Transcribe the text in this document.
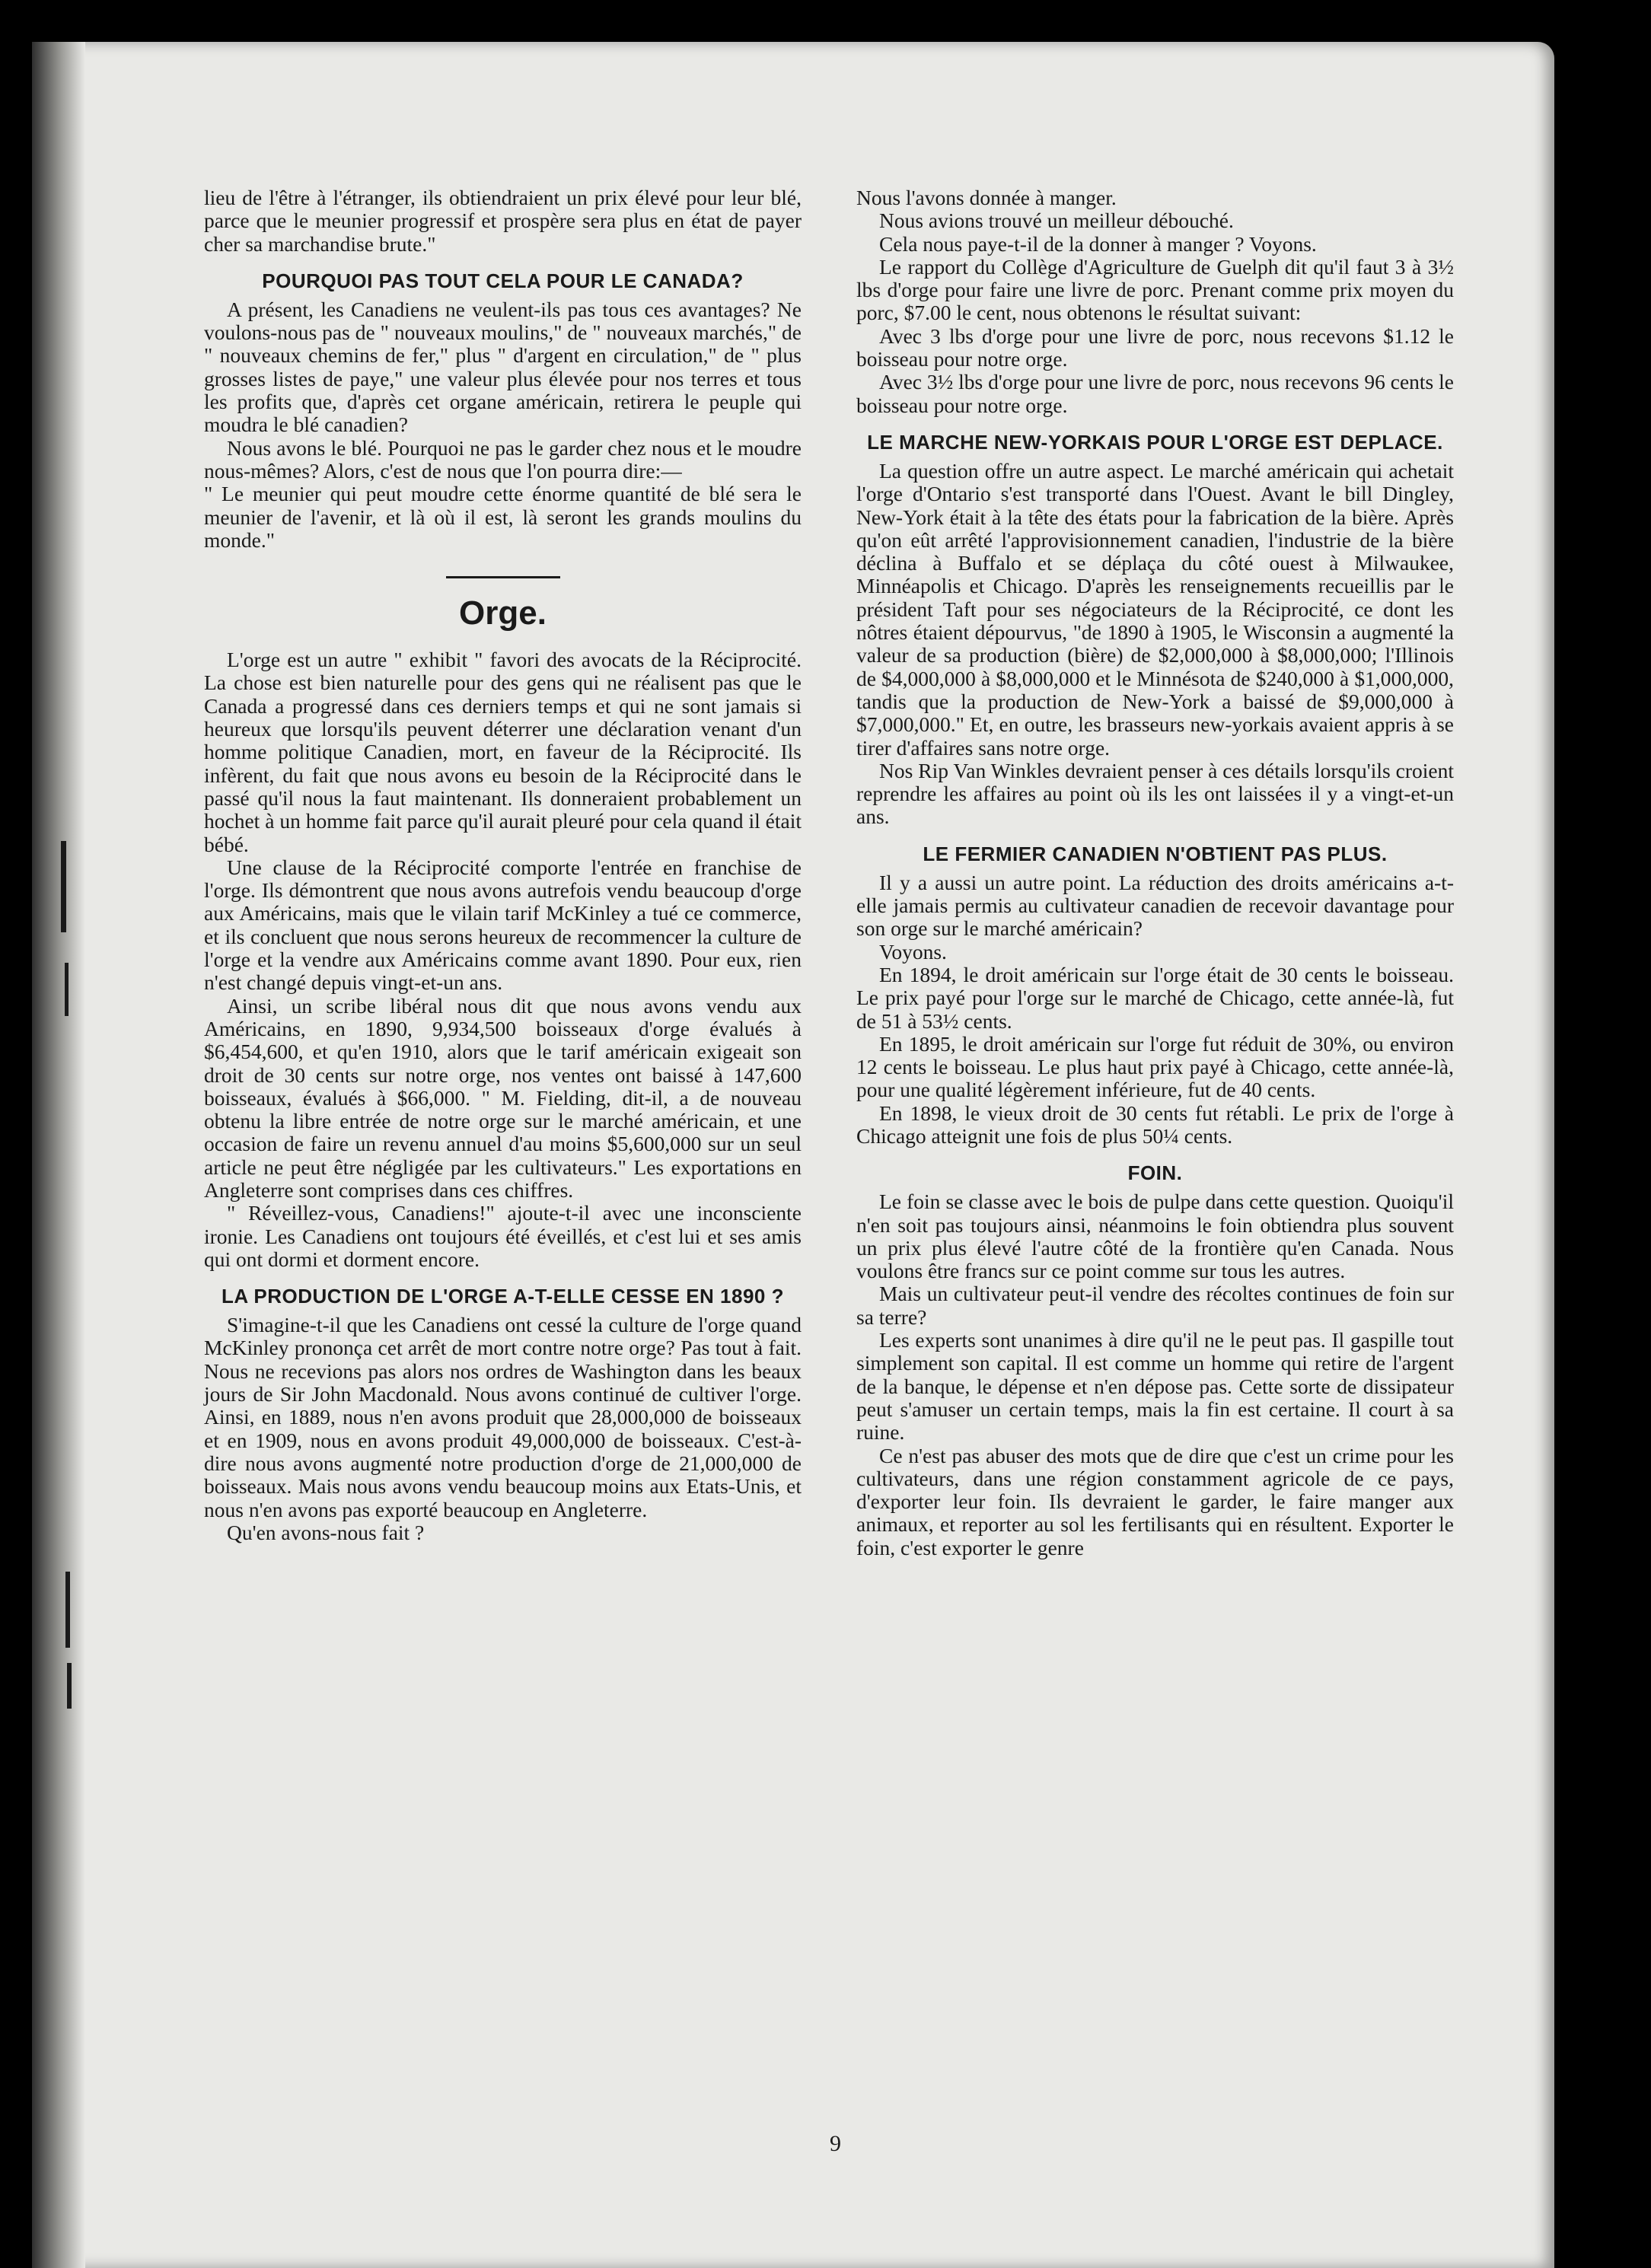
lieu de l'être à l'étranger, ils obtiendraient un prix élevé pour leur blé, parce que le meunier progressif et prospère sera plus en état de payer cher sa marchandise brute."

POURQUOI PAS TOUT CELA POUR LE CANADA?

A présent, les Canadiens ne veulent-ils pas tous ces avantages? Ne voulons-nous pas de " nouveaux moulins," de " nouveaux marchés," de " nouveaux chemins de fer," plus " d'argent en circulation," de " plus grosses listes de paye," une valeur plus élevée pour nos terres et tous les profits que, d'après cet organe américain, retirera le peuple qui moudra le blé canadien?

Nous avons le blé. Pourquoi ne pas le garder chez nous et le moudre nous-mêmes? Alors, c'est de nous que l'on pourra dire:—

" Le meunier qui peut moudre cette énorme quantité de blé sera le meunier de l'avenir, et là où il est, là seront les grands moulins du monde."

Orge.

L'orge est un autre " exhibit " favori des avocats de la Réciprocité. La chose est bien naturelle pour des gens qui ne réalisent pas que le Canada a progressé dans ces derniers temps et qui ne sont jamais si heureux que lorsqu'ils peuvent déterrer une déclaration venant d'un homme politique Canadien, mort, en faveur de la Réciprocité. Ils infèrent, du fait que nous avons eu besoin de la Réciprocité dans le passé qu'il nous la faut maintenant. Ils donneraient probablement un hochet à un homme fait parce qu'il aurait pleuré pour cela quand il était bébé.

Une clause de la Réciprocité comporte l'entrée en franchise de l'orge. Ils démontrent que nous avons autrefois vendu beaucoup d'orge aux Américains, mais que le vilain tarif McKinley a tué ce commerce, et ils concluent que nous serons heureux de recommencer la culture de l'orge et la vendre aux Américains comme avant 1890. Pour eux, rien n'est changé depuis vingt-et-un ans.

Ainsi, un scribe libéral nous dit que nous avons vendu aux Américains, en 1890, 9,934,500 boisseaux d'orge évalués à $6,454,600, et qu'en 1910, alors que le tarif américain exigeait son droit de 30 cents sur notre orge, nos ventes ont baissé à 147,600 boisseaux, évalués à $66,000. " M. Fielding, dit-il, a de nouveau obtenu la libre entrée de notre orge sur le marché américain, et une occasion de faire un revenu annuel d'au moins $5,600,000 sur un seul article ne peut être négligée par les cultivateurs." Les exportations en Angleterre sont comprises dans ces chiffres.

" Réveillez-vous, Canadiens!" ajoute-t-il avec une inconsciente ironie. Les Canadiens ont toujours été éveillés, et c'est lui et ses amis qui ont dormi et dorment encore.

LA PRODUCTION DE L'ORGE A-T-ELLE CESSE EN 1890 ?

S'imagine-t-il que les Canadiens ont cessé la culture de l'orge quand McKinley prononça cet arrêt de mort contre notre orge? Pas tout à fait. Nous ne recevions pas alors nos ordres de Washington dans les beaux jours de Sir John Macdonald. Nous avons continué de cultiver l'orge. Ainsi, en 1889, nous n'en avons produit que 28,000,000 de boisseaux et en 1909, nous en avons produit 49,000,000 de boisseaux. C'est-à-dire nous avons augmenté notre production d'orge de 21,000,000 de boisseaux. Mais nous avons vendu beaucoup moins aux Etats-Unis, et nous n'en avons pas exporté beaucoup en Angleterre.

Qu'en avons-nous fait ?

Nous l'avons donnée à manger.

Nous avions trouvé un meilleur débouché.

Cela nous paye-t-il de la donner à manger ? Voyons.

Le rapport du Collège d'Agriculture de Guelph dit qu'il faut 3 à 3½ lbs d'orge pour faire une livre de porc. Prenant comme prix moyen du porc, $7.00 le cent, nous obtenons le résultat suivant:

Avec 3 lbs d'orge pour une livre de porc, nous recevons $1.12 le boisseau pour notre orge.

Avec 3½ lbs d'orge pour une livre de porc, nous recevons 96 cents le boisseau pour notre orge.

LE MARCHE NEW-YORKAIS POUR L'ORGE EST DEPLACE.

La question offre un autre aspect. Le marché américain qui achetait l'orge d'Ontario s'est transporté dans l'Ouest. Avant le bill Dingley, New-York était à la tête des états pour la fabrication de la bière. Après qu'on eût arrêté l'approvisionnement canadien, l'industrie de la bière déclina à Buffalo et se déplaça du côté ouest à Milwaukee, Minnéapolis et Chicago. D'après les renseignements recueillis par le président Taft pour ses négociateurs de la Réciprocité, ce dont les nôtres étaient dépourvus, "de 1890 à 1905, le Wisconsin a augmenté la valeur de sa production (bière) de $2,000,000 à $8,000,000; l'Illinois de $4,000,000 à $8,000,000 et le Minnésota de $240,000 à $1,000,000, tandis que la production de New-York a baissé de $9,000,000 à $7,000,000." Et, en outre, les brasseurs new-yorkais avaient appris à se tirer d'affaires sans notre orge.

Nos Rip Van Winkles devraient penser à ces détails lorsqu'ils croient reprendre les affaires au point où ils les ont laissées il y a vingt-et-un ans.

LE FERMIER CANADIEN N'OBTIENT PAS PLUS.

Il y a aussi un autre point. La réduction des droits américains a-t-elle jamais permis au cultivateur canadien de recevoir davantage pour son orge sur le marché américain?

Voyons.

En 1894, le droit américain sur l'orge était de 30 cents le boisseau. Le prix payé pour l'orge sur le marché de Chicago, cette année-là, fut de 51 à 53½ cents.

En 1895, le droit américain sur l'orge fut réduit de 30%, ou environ 12 cents le boisseau. Le plus haut prix payé à Chicago, cette année-là, pour une qualité légèrement inférieure, fut de 40 cents.

En 1898, le vieux droit de 30 cents fut rétabli. Le prix de l'orge à Chicago atteignit une fois de plus 50¼ cents.

FOIN.

Le foin se classe avec le bois de pulpe dans cette question. Quoiqu'il n'en soit pas toujours ainsi, néanmoins le foin obtiendra plus souvent un prix plus élevé l'autre côté de la frontière qu'en Canada. Nous voulons être francs sur ce point comme sur tous les autres.

Mais un cultivateur peut-il vendre des récoltes continues de foin sur sa terre?

Les experts sont unanimes à dire qu'il ne le peut pas. Il gaspille tout simplement son capital. Il est comme un homme qui retire de l'argent de la banque, le dépense et n'en dépose pas. Cette sorte de dissipateur peut s'amuser un certain temps, mais la fin est certaine. Il court à sa ruine.

Ce n'est pas abuser des mots que de dire que c'est un crime pour les cultivateurs, dans une région constamment agricole de ce pays, d'exporter leur foin. Ils devraient le garder, le faire manger aux animaux, et reporter au sol les fertilisants qui en résultent. Exporter le foin, c'est exporter le genre

9
